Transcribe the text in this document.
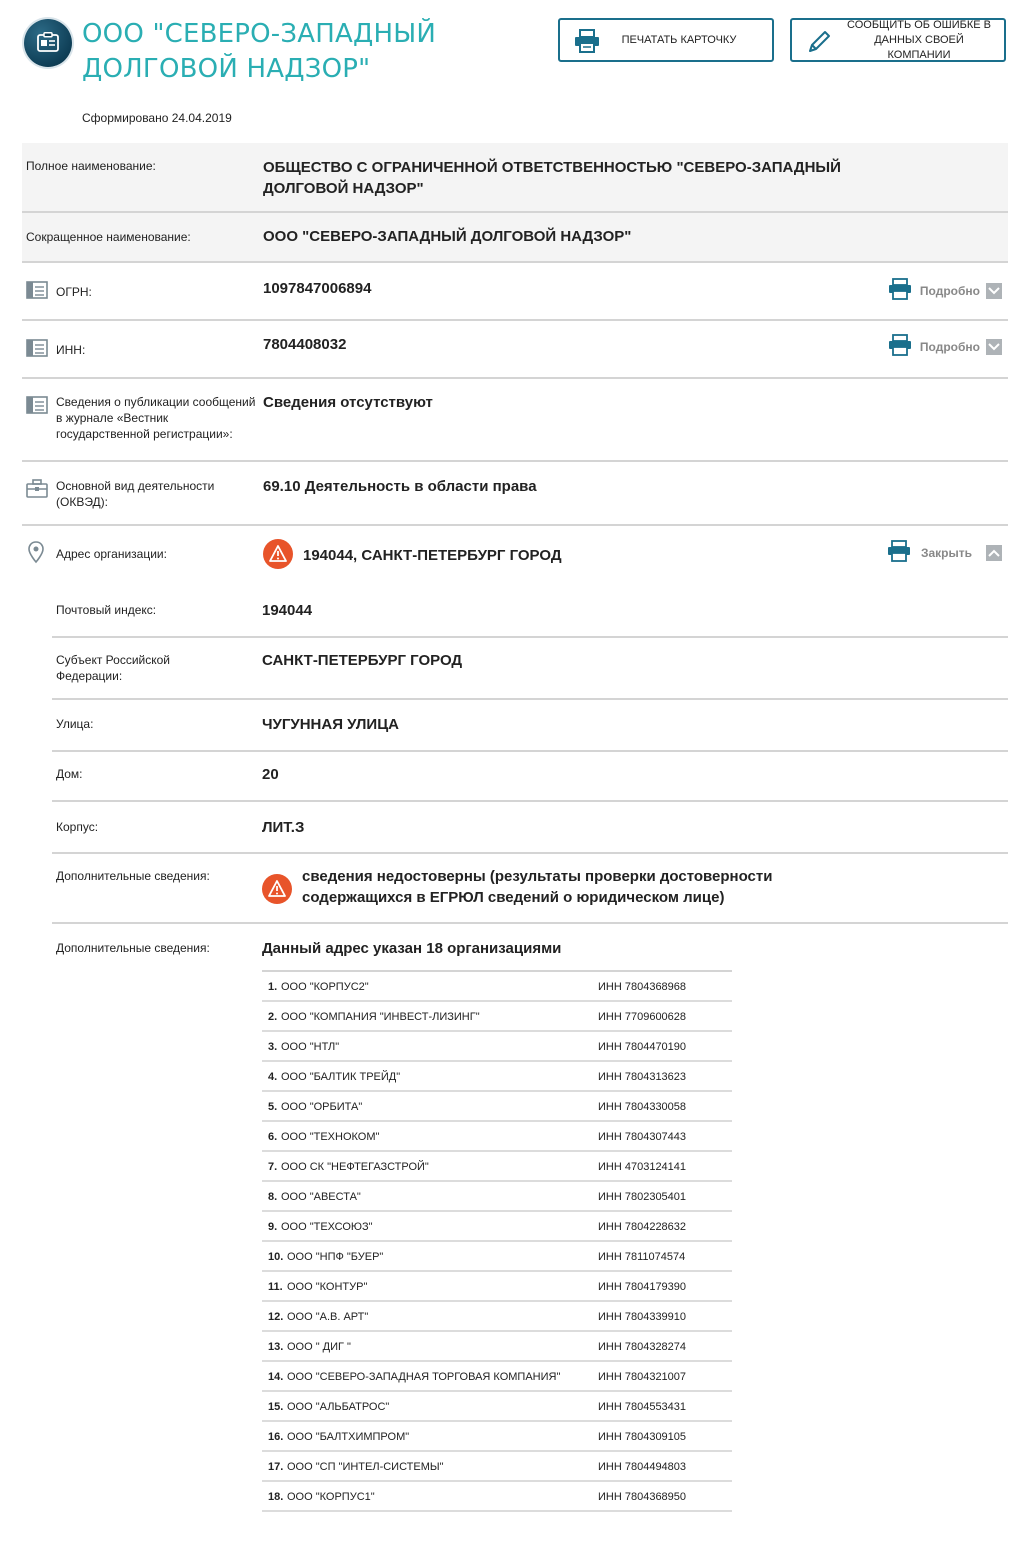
ООО "СЕВЕРО-ЗАПАДНЫЙ ДОЛГОВОЙ НАДЗОР"
Сформировано 24.04.2019
ПЕЧАТАТЬ КАРТОЧКУ
СООБЩИТЬ ОБ ОШИБКЕ В ДАННЫХ СВОЕЙ КОМПАНИИ
Полное наименование:	ОБЩЕСТВО С ОГРАНИЧЕННОЙ ОТВЕТСТВЕННОСТЬЮ "СЕВЕРО-ЗАПАДНЫЙ ДОЛГОВОЙ НАДЗОР"
Сокращенное наименование:	ООО "СЕВЕРО-ЗАПАДНЫЙ ДОЛГОВОЙ НАДЗОР"
ОГРН:	1097847006894	Подробно
ИНН:	7804408032	Подробно
Сведения о публикации сообщений в журнале «Вестник государственной регистрации»:
Сведения отсутствуют
Основной вид деятельности (ОКВЭД):
69.10 Деятельность в области права
Адрес организации:	194044, САНКТ-ПЕТЕРБУРГ ГОРОД	Закрыть
Почтовый индекс:	194044
Субъект Российской Федерации:
САНКТ-ПЕТЕРБУРГ ГОРОД
Улица:	ЧУГУННАЯ УЛИЦА
Дом:	20
Корпус:	ЛИТ.З
Дополнительные сведения:	сведения недостоверны (результаты проверки достоверности содержащихся в ЕГРЮЛ сведений о юридическом лице)
Дополнительные сведения:	Данный адрес указан 18 организациями
1. ООО "КОРПУС2"	ИНН 7804368968
2. ООО "КОМПАНИЯ "ИНВЕСТ-ЛИЗИНГ"	ИНН 7709600628
3. ООО "НТЛ"	ИНН 7804470190
4. ООО "БАЛТИК ТРЕЙД"	ИНН 7804313623
5. ООО "ОРБИТА"	ИНН 7804330058
6. ООО "ТЕХНОКОМ"	ИНН 7804307443
7. ООО СК "НЕФТЕГАЗСТРОЙ"	ИНН 4703124141
8. ООО "АВЕСТА"	ИНН 7802305401
9. ООО "ТЕХСОЮЗ"	ИНН 7804228632
10. ООО "НПФ "БУЕР"	ИНН 7811074574
11. ООО "КОНТУР"	ИНН 7804179390
12. ООО "А.В. АРТ"	ИНН 7804339910
13. ООО " ДИГ "	ИНН 7804328274
14. ООО "СЕВЕРО-ЗАПАДНАЯ ТОРГОВАЯ КОМПАНИЯ"	ИНН 7804321007
15. ООО "АЛЬБАТРОС"	ИНН 7804553431
16. ООО "БАЛТХИМПРОМ"	ИНН 7804309105
17. ООО "СП "ИНТЕЛ-СИСТЕМЫ"	ИНН 7804494803
18. ООО "КОРПУС1"	ИНН 7804368950
